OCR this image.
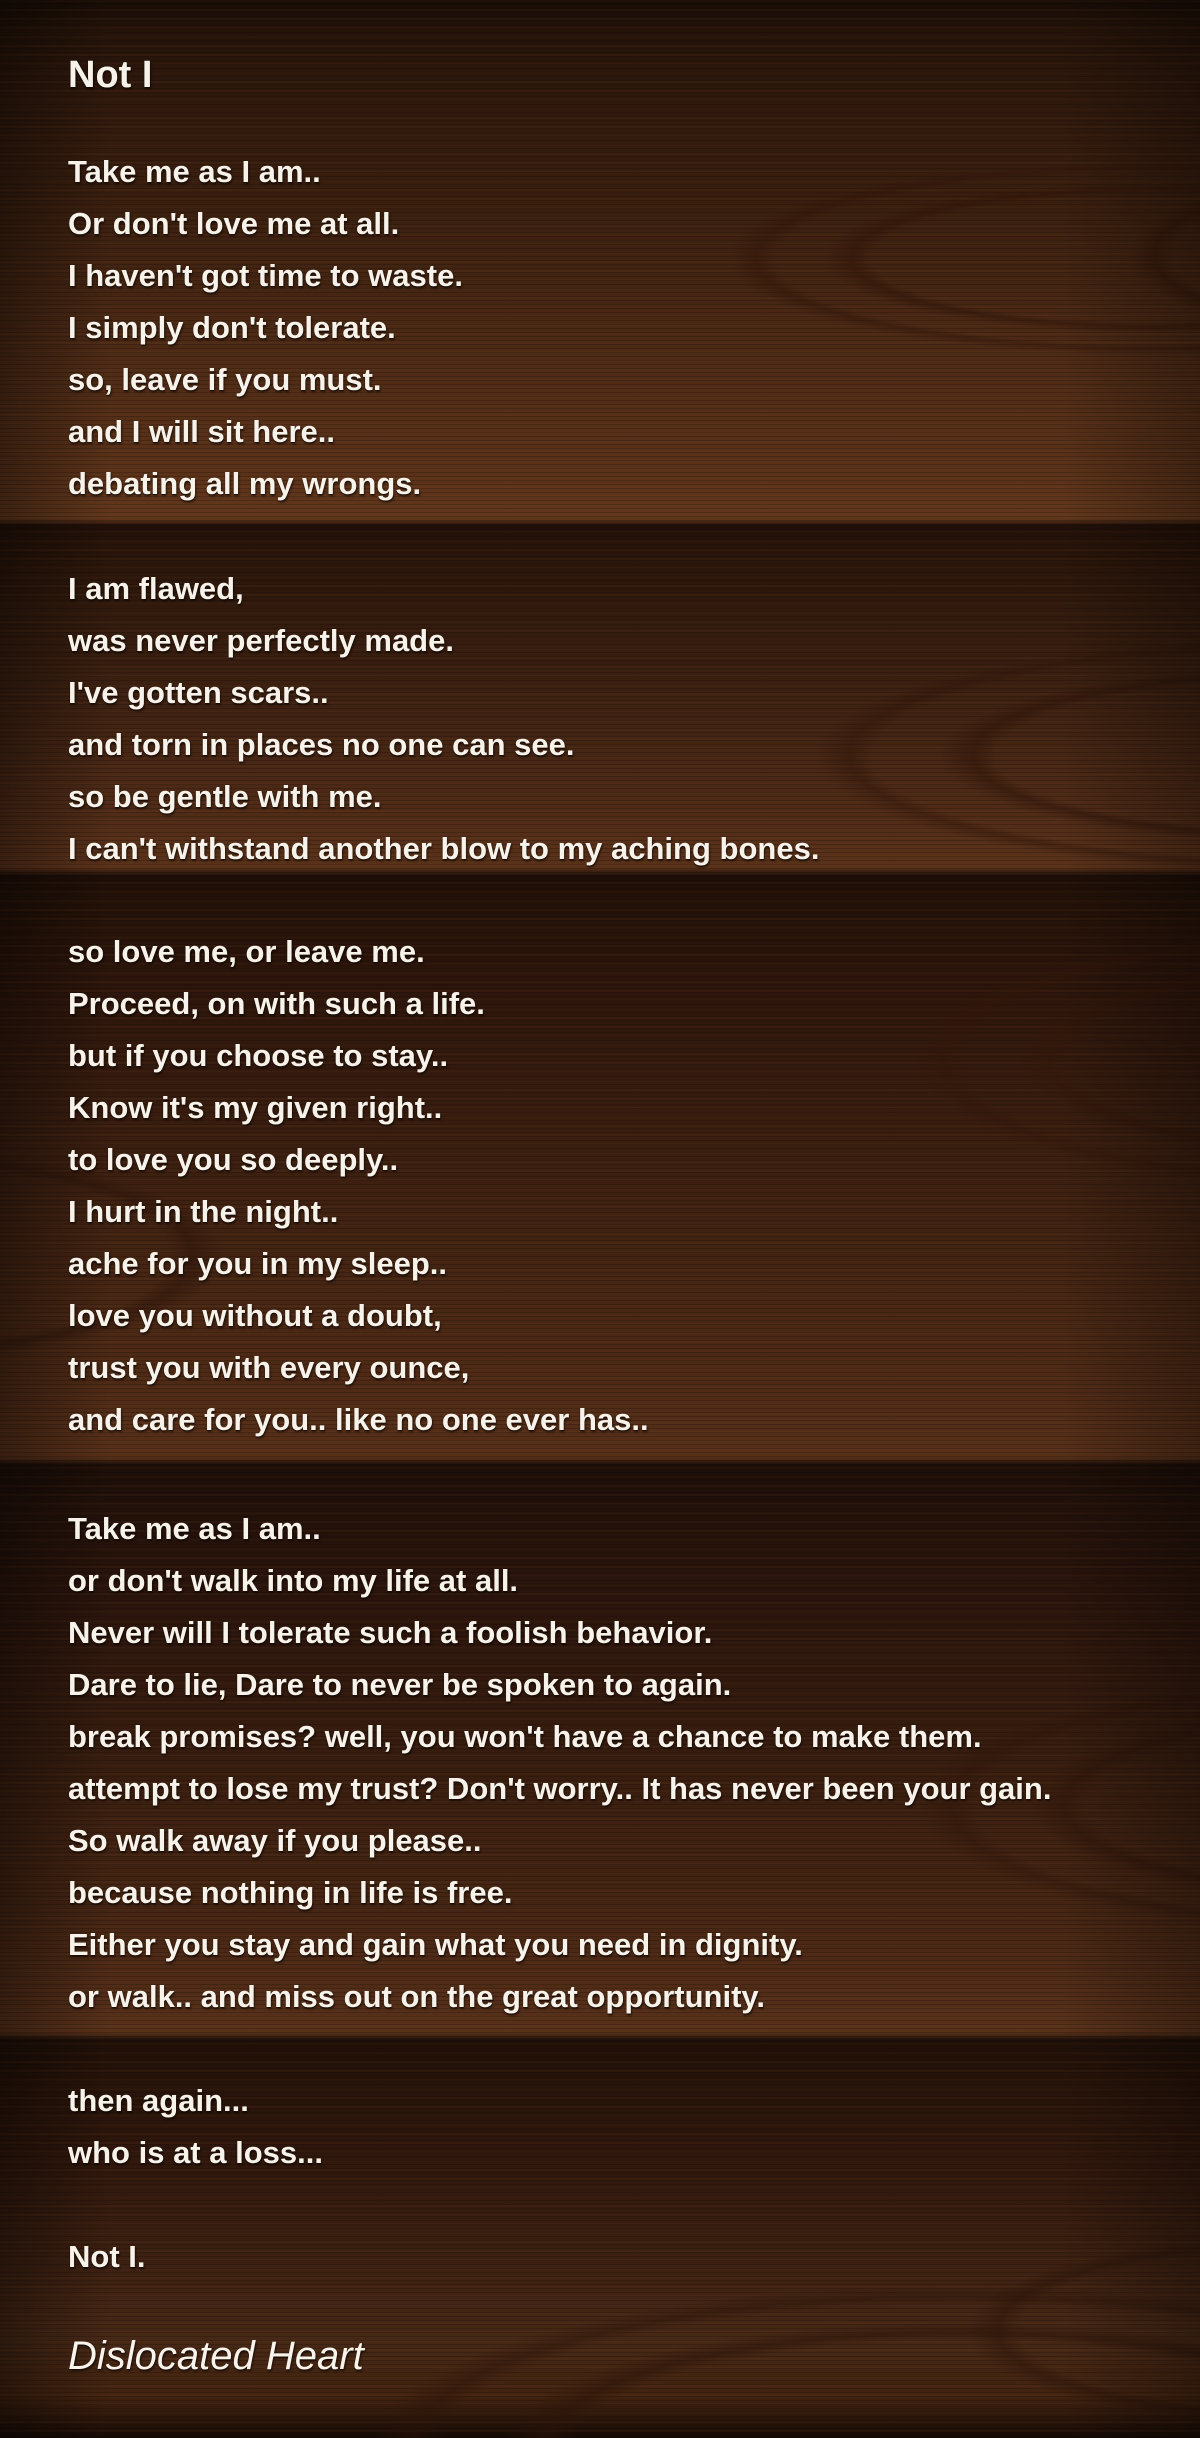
Not I
Take me as I am..
Or don't love me at all.
I haven't got time to waste.
I simply don't tolerate.
so, leave if you must.
and I will sit here..
debating all my wrongs.
I am flawed,
was never perfectly made.
I've gotten scars..
and torn in places no one can see.
so be gentle with me.
I can't withstand another blow to my aching bones.
so love me, or leave me.
Proceed, on with such a life.
but if you choose to stay..
Know it's my given right..
to love you so deeply..
I hurt in the night..
ache for you in my sleep..
love you without a doubt,
trust you with every ounce,
and care for you.. like no one ever has..
Take me as I am..
or don't walk into my life at all.
Never will I tolerate such a foolish behavior.
Dare to lie, Dare to never be spoken to again.
break promises? well, you won't have a chance to make them.
attempt to lose my trust? Don't worry.. It has never been your gain.
So walk away if you please..
because nothing in life is free.
Either you stay and gain what you need in dignity.
or walk.. and miss out on the great opportunity.
then again...
who is at a loss...
Not I.
Dislocated Heart
